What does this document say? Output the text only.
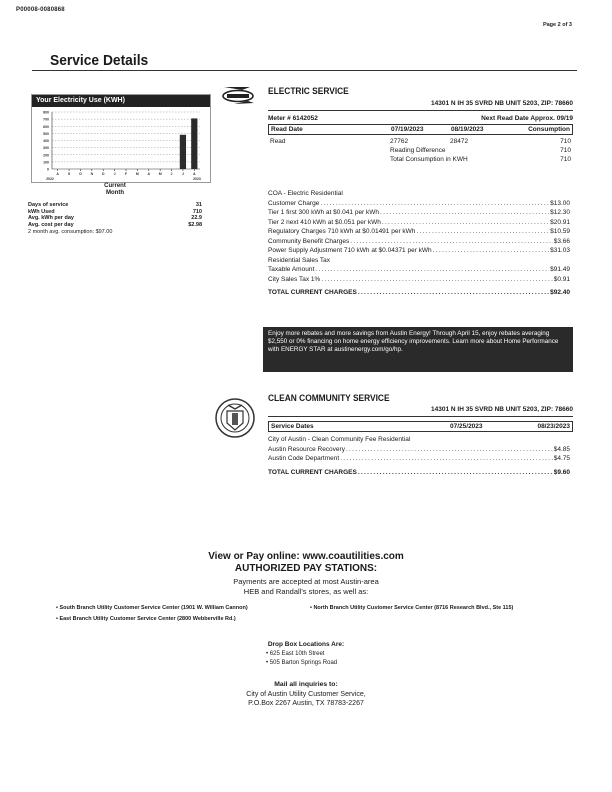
P00008-0080868
Page 2 of 3
Service Details
Your Electricity Use (KWH)
0
100
200
300
400
500
600
700
800
A	S	O	N	D	J	F	M A M	J	J	A
2022	2023
Current
Month
Days of service	31
kWh Used	710
Avg. kWh per day	22.9
Avg. cost per day	$2.98
2 month avg. consumption: $97.00
ELECTRIC SERVICE
14301 N IH 35 SVRD NB UNIT 5203, ZIP: 78660
Meter # 6142052	Next Read Date Approx. 09/19
Read Date	07/19/2023	08/19/2023	Consumption
Read	27762	28472	710
Reading Difference	710
Total Consumption in KWH	710
COA - Electric Residential
Customer Charge .....	$13.00
Tier 1 first 300 kWh at $0.041 per kWh .....	$12.30
Tier 2 next 410 kWh at $0.051 per kWh .....	$20.91
Regulatory Charges 710 kWh at $0.01491 per kWh .....	$10.59
Community Benefit Charges .....	$3.66
Power Supply Adjustment 710 kWh at $0.04371 per kWh .....	$31.03
Residential Sales Tax
Taxable Amount .....	$91.49
City Sales Tax 1% .....	$0.91
TOTAL CURRENT CHARGES .....	$92.40
Enjoy more rebates and more savings from Austin Energy! Through April 15, enjoy rebates averaging $2,550 or 0% financing on home energy efficiency improvements. Learn more about Home Performance with ENERGY STAR at austinenergy.com/go/hp.
CLEAN COMMUNITY SERVICE
14301 N IH 35 SVRD NB UNIT 5203, ZIP: 78660
Service Dates	07/25/2023	08/23/2023
City of Austin - Clean Community Fee Residential
Austin Resource Recovery .....	$4.85
Austin Code Department .....	$4.75
TOTAL CURRENT CHARGES .....	$9.60
View or Pay online: www.coautilities.com
AUTHORIZED PAY STATIONS:
Payments are accepted at most Austin-area
HEB and Randall's stores, as well as:
• South Branch Utility Customer Service Center (1901 W. William Cannon)	• North Branch Utility Customer Service Center (8716 Research Blvd., Ste 115)
• East Branch Utility Customer Service Center (2800 Webberville Rd.)
Drop Box Locations Are:
• 625 East 10th Street
• 505 Barton Springs Road
Mail all inquiries to:
City of Austin Utility Customer Service,
P.O.Box 2267 Austin, TX 78783-2267
